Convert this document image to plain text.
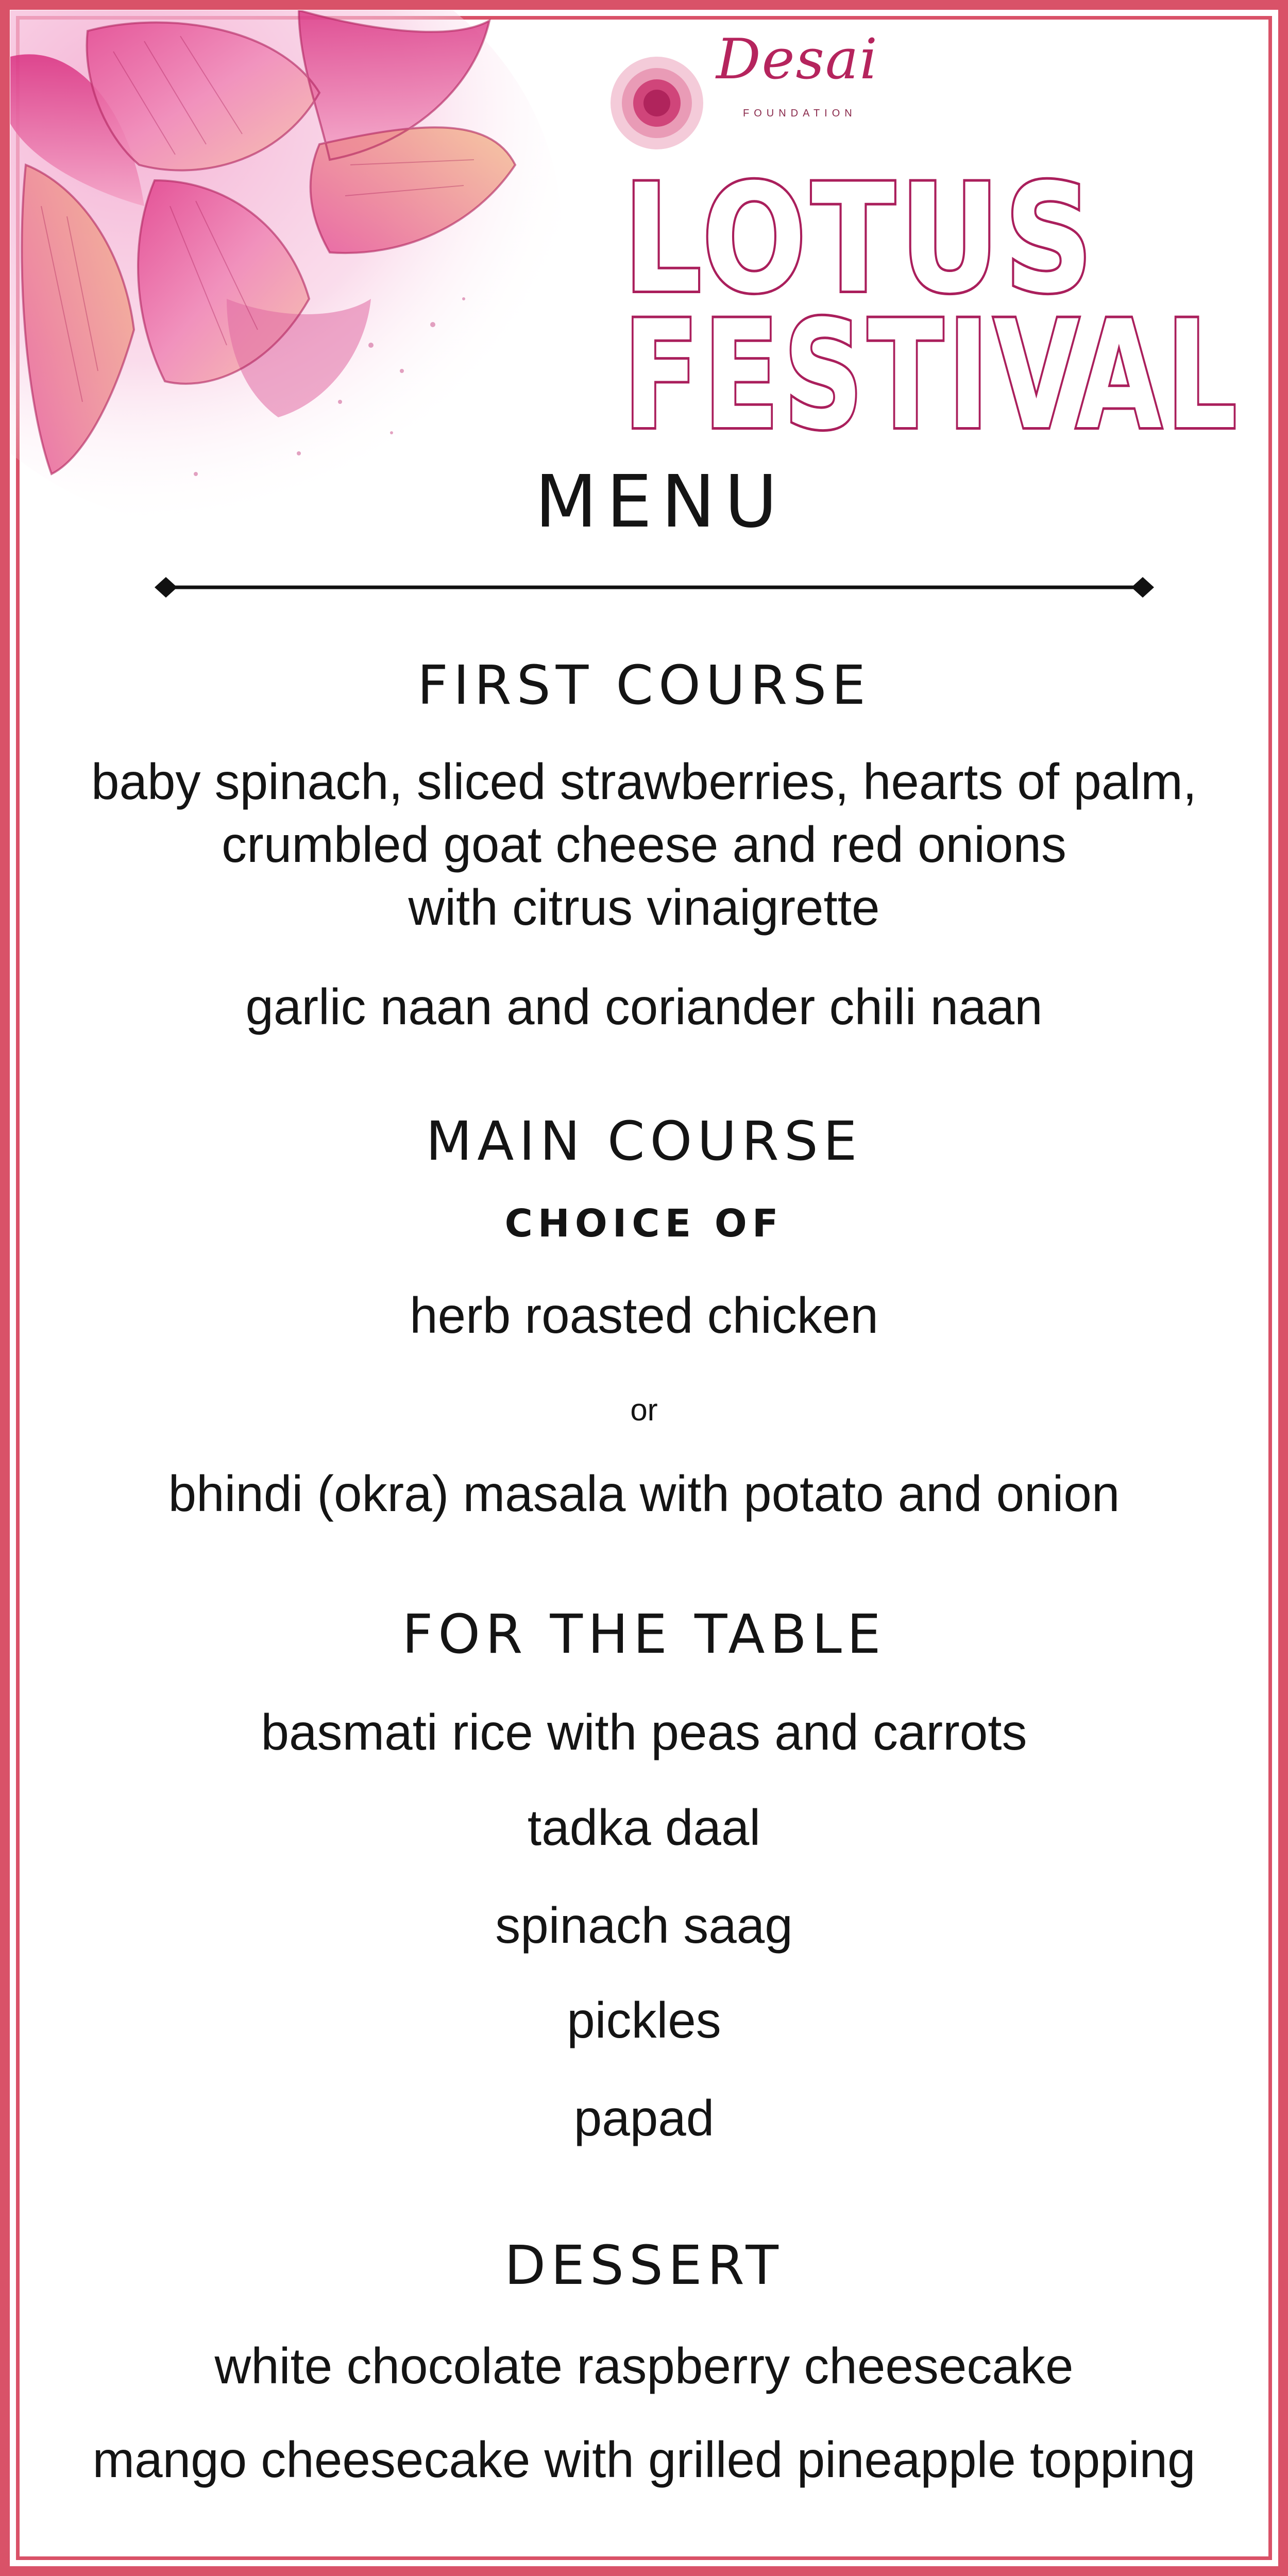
Desai
FOUNDATION
LOTUS
FESTIVAL
MENU
FIRST COURSE
baby spinach, sliced strawberries, hearts of palm,
crumbled goat cheese and red onions
with citrus vinaigrette
garlic naan and coriander chili naan
MAIN COURSE
CHOICE OF
herb roasted chicken
or
bhindi (okra) masala with potato and onion
FOR THE TABLE
basmati rice with peas and carrots
tadka daal
spinach saag
pickles
papad
DESSERT
white chocolate raspberry cheesecake
mango cheesecake with grilled pineapple topping
